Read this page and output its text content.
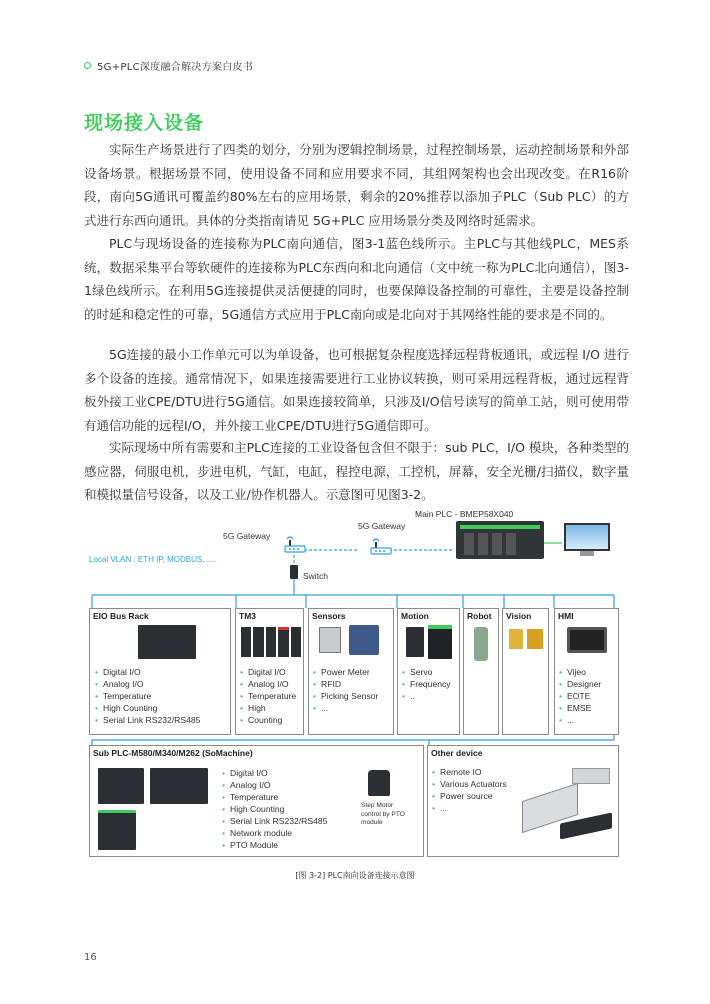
5G+PLC深度融合解决方案白皮书
现场接入设备

实际生产场景进行了四类的划分，分别为逻辑控制场景，过程控制场景，运动控制场景和外部设备场景。根据场景不同，使用设备不同和应用要求不同，其组网架构也会出现改变。在R16阶段，南向5G通讯可覆盖约80%左右的应用场景，剩余的20%推荐以添加子PLC（Sub PLC）的方式进行东西向通讯。具体的分类指南请见 5G+PLC 应用场景分类及网络时延需求。

PLC与现场设备的连接称为PLC南向通信，图3-1蓝色线所示。主PLC与其他线PLC，MES系统，数据采集平台等软硬件的连接称为PLC东西向和北向通信（文中统一称为PLC北向通信），图3-1绿色线所示。在利用5G连接提供灵活便捷的同时，也要保障设备控制的可靠性，主要是设备控制的时延和稳定性的可靠，5G通信方式应用于PLC南向或是北向对于其网络性能的要求是不同的。

5G连接的最小工作单元可以为单设备，也可根据复杂程度选择远程背板通讯，或远程 I/O 进行多个设备的连接。通常情况下，如果连接需要进行工业协议转换，则可采用远程背板，通过远程背板外接工业CPE/DTU进行5G通信。如果连接较简单，只涉及I/O信号读写的简单工站，则可使用带有通信功能的远程I/O，并外接工业CPE/DTU进行5G通信即可。

实际现场中所有需要和主PLC连接的工业设备包含但不限于：sub PLC，I/O 模块，各种类型的感应器，伺服电机，步进电机，气缸，电缸，程控电源，工控机，屏幕，安全光栅/扫描仪，数字量和模拟量信号设备，以及工业/协作机器人。示意图可见图3-2。

Main PLC - BMEP58X040
5G Gateway
5G Gateway
Switch
Local VLAN : ETH IP, MODBUS, ....
EIO Bus Rack
• Digital I/O
• Analog I/O
• Temperature
• High Counting
• Serial Link RS232/RS485
TM3
• Digital I/O
• Analog I/O
• Temperature
• High
• Counting
Sensors
• Power Meter
• RFID
• Picking Sensor
• ...
Motion
• Servo
• Frequency
• ..
Robot Vision	HMI
• Vijeo
• Designer
• EOTE
• EMSE
• ...
Sub PLC-M580/M340/M262 (SoMachine)
• Digital I/O
• Analog I/O
• Temperature
• High Counting
• Serial Link RS232/RS485
• Network module
• PTO Module
Step Motor control by PTO module
Other device
• Remote IO
• Various Actuators
• Power source
• ...
[图 3-2] PLC南向设备连接示意图
16
